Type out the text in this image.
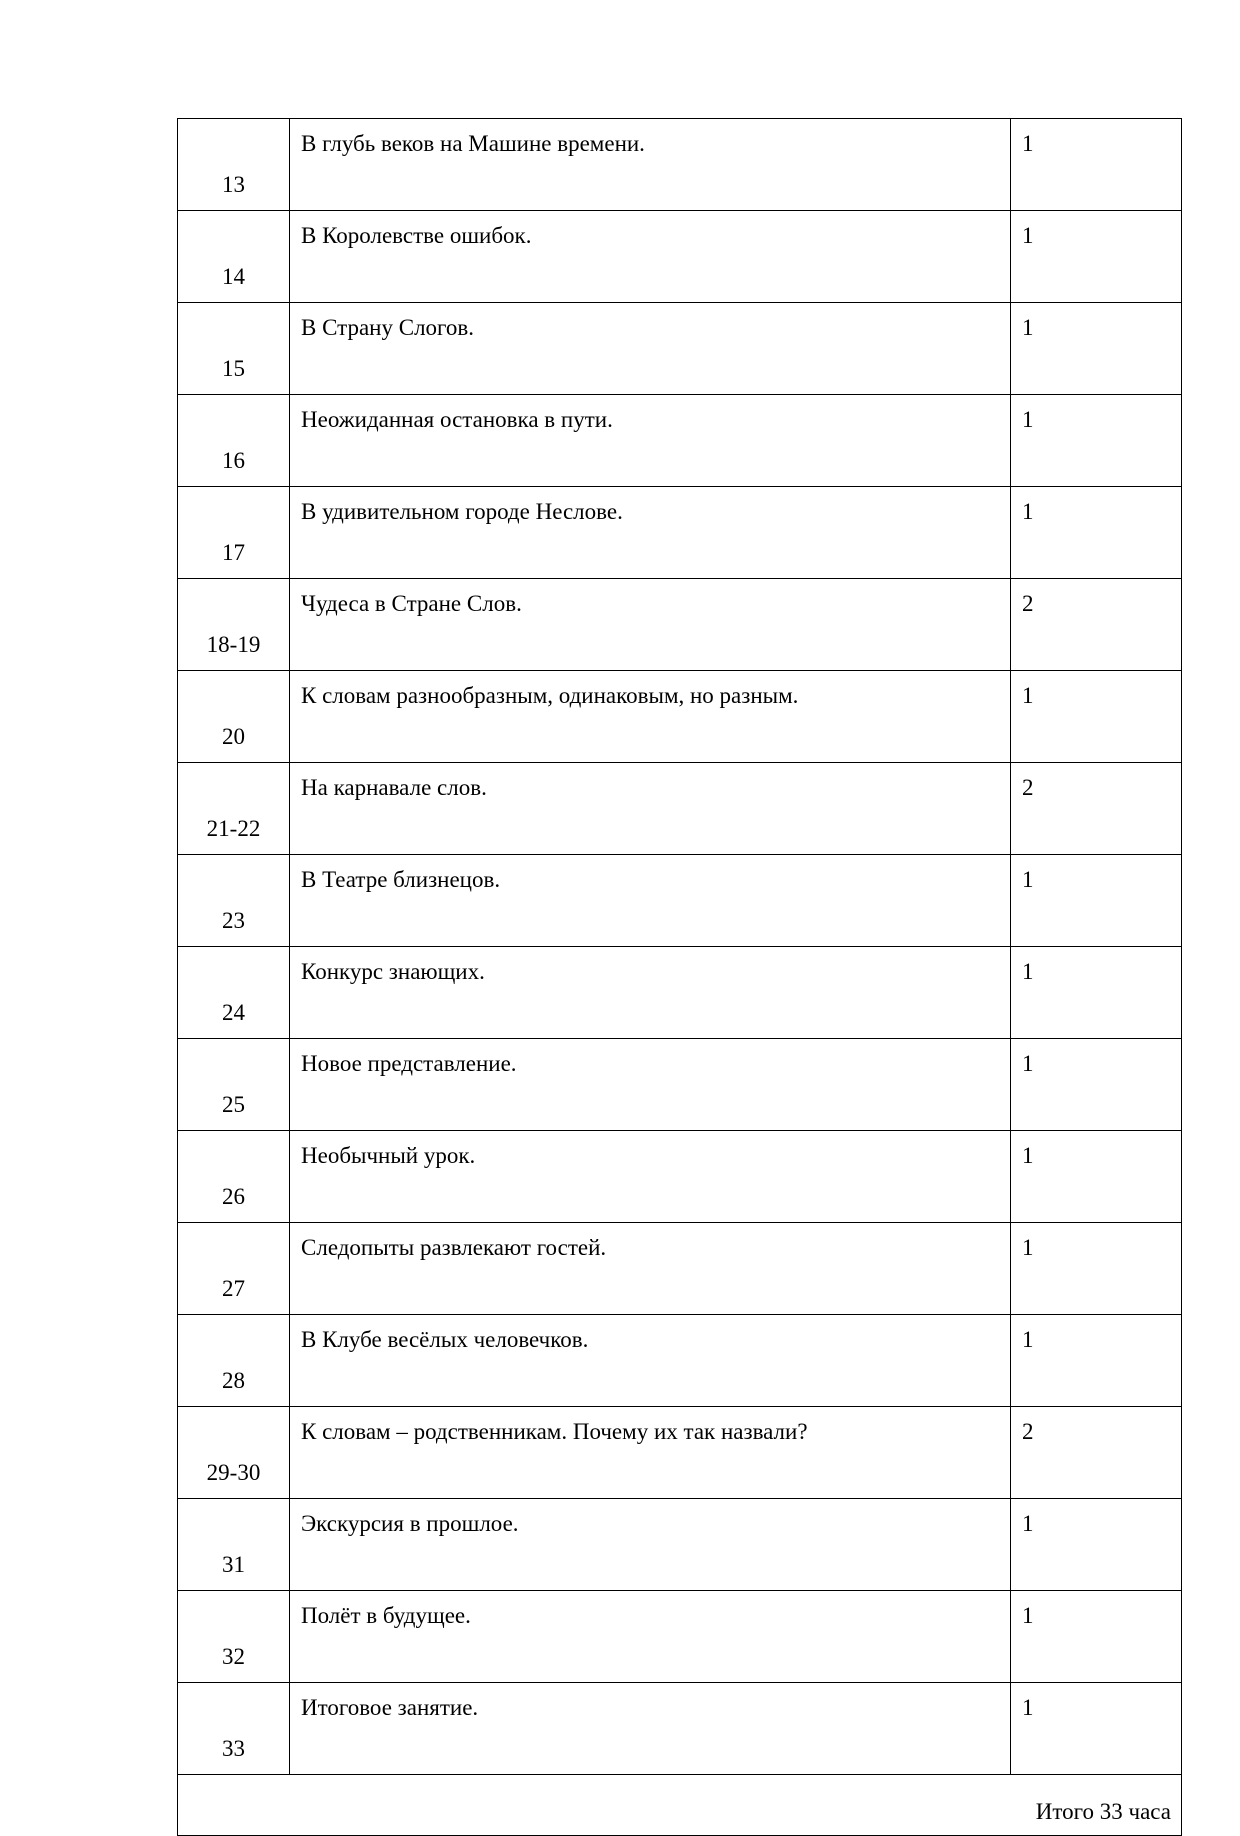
13	В глубь веков на Машине времени.	1
14	В Королевстве ошибок.	1
15	В Страну Слогов.	1
16	Неожиданная остановка в пути.	1
17	В удивительном городе Неслове.	1
18-19	Чудеса в Стране Слов.	2
20	К словам разнообразным, одинаковым, но разным.	1
21-22	На карнавале слов.	2
23	В Театре близнецов.	1
24	Конкурс знающих.	1
25	Новое представление.	1
26	Необычный урок.	1
27	Следопыты развлекают гостей.	1
28	В Клубе весёлых человечков.	1
29-30	К словам – родственникам. Почему их так назвали?	2
31	Экскурсия в прошлое.	1
32	Полёт в будущее.	1
33	Итоговое занятие.	1
Итого 33 часа		
